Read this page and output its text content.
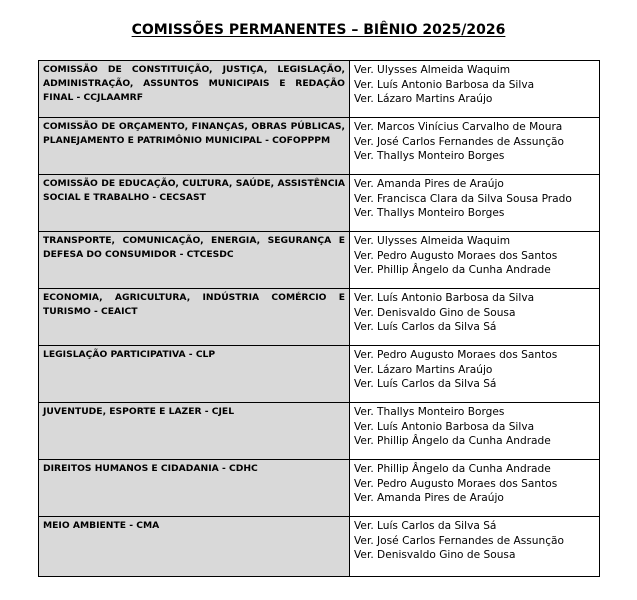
COMISSÕES PERMANENTES – BIÊNIO 2025/2026
COMISSÃO DE CONSTITUIÇÃO, JUSTIÇA, LEGISLAÇÃO, ADMINISTRAÇÃO, ASSUNTOS MUNICIPAIS E REDAÇÃO FINAL - CCJLAAMRF	Ver. Ulysses Almeida Waquim
Ver. Luís Antonio Barbosa da Silva
Ver. Lázaro Martins Araújo

COMISSÃO DE ORÇAMENTO, FINANÇAS, OBRAS PÚBLICAS, PLANEJAMENTO E PATRIMÔNIO MUNICIPAL - COFOPPPM	Ver. Marcos Vinícius Carvalho de Moura
Ver. José Carlos Fernandes de Assunção
Ver. Thallys Monteiro Borges

COMISSÃO DE EDUCAÇÃO, CULTURA, SAÚDE, ASSISTÊNCIA SOCIAL E TRABALHO - CECSAST	Ver. Amanda Pires de Araújo
Ver. Francisca Clara da Silva Sousa Prado
Ver. Thallys Monteiro Borges

TRANSPORTE, COMUNICAÇÃO, ENERGIA, SEGURANÇA E DEFESA DO CONSUMIDOR - CTCESDC	Ver. Ulysses Almeida Waquim
Ver. Pedro Augusto Moraes dos Santos
Ver. Phillip Ângelo da Cunha Andrade

ECONOMIA, AGRICULTURA, INDÚSTRIA COMÉRCIO E TURISMO - CEAICT	Ver. Luís Antonio Barbosa da Silva
Ver. Denisvaldo Gino de Sousa
Ver. Luís Carlos da Silva Sá

LEGISLAÇÃO PARTICIPATIVA - CLP	Ver. Pedro Augusto Moraes dos Santos
Ver. Lázaro Martins Araújo
Ver. Luís Carlos da Silva Sá

JUVENTUDE, ESPORTE E LAZER - CJEL	Ver. Thallys Monteiro Borges
Ver. Luís Antonio Barbosa da Silva
Ver. Phillip Ângelo da Cunha Andrade

DIREITOS HUMANOS E CIDADANIA - CDHC	Ver. Phillip Ângelo da Cunha Andrade
Ver. Pedro Augusto Moraes dos Santos
Ver. Amanda Pires de Araújo

MEIO AMBIENTE - CMA	Ver. Luís Carlos da Silva Sá
Ver. José Carlos Fernandes de Assunção
Ver. Denisvaldo Gino de Sousa
